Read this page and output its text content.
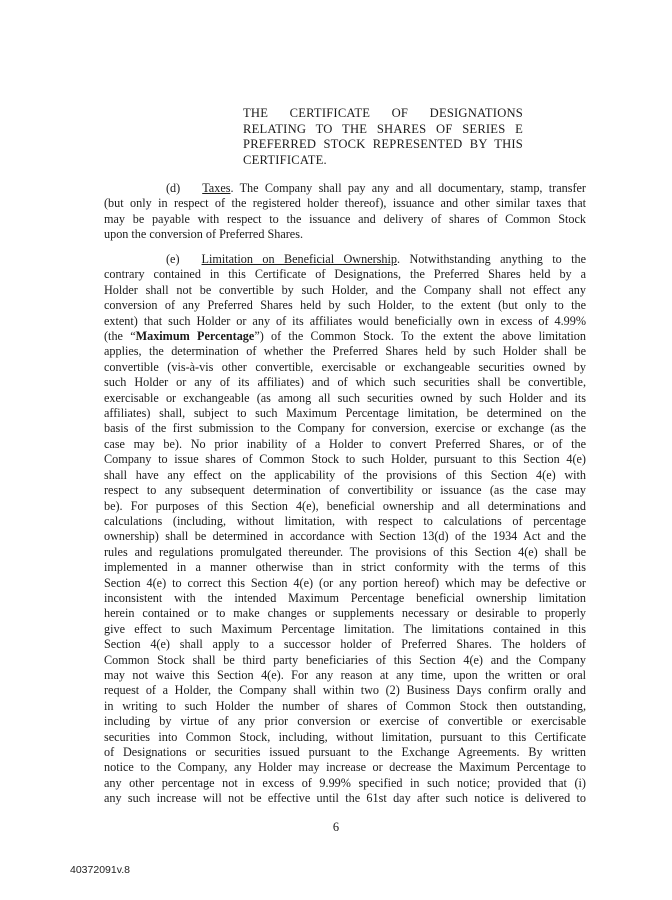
THE CERTIFICATE OF DESIGNATIONS
RELATING TO THE SHARES OF SERIES E
PREFERRED STOCK REPRESENTED BY THIS
CERTIFICATE.
(d) Taxes. The Company shall pay any and all documentary, stamp, transfer
(but only in respect of the registered holder thereof), issuance and other similar taxes that
may be payable with respect to the issuance and delivery of shares of Common Stock
upon the conversion of Preferred Shares.
(e) Limitation on Beneficial Ownership. Notwithstanding anything to the
contrary contained in this Certificate of Designations, the Preferred Shares held by a
Holder shall not be convertible by such Holder, and the Company shall not effect any
conversion of any Preferred Shares held by such Holder, to the extent (but only to the
extent) that such Holder or any of its affiliates would beneficially own in excess of 4.99%
(the “Maximum Percentage”) of the Common Stock. To the extent the above limitation
applies, the determination of whether the Preferred Shares held by such Holder shall be
convertible (vis-à-vis other convertible, exercisable or exchangeable securities owned by
such Holder or any of its affiliates) and of which such securities shall be convertible,
exercisable or exchangeable (as among all such securities owned by such Holder and its
affiliates) shall, subject to such Maximum Percentage limitation, be determined on the
basis of the first submission to the Company for conversion, exercise or exchange (as the
case may be). No prior inability of a Holder to convert Preferred Shares, or of the
Company to issue shares of Common Stock to such Holder, pursuant to this Section 4(e)
shall have any effect on the applicability of the provisions of this Section 4(e) with
respect to any subsequent determination of convertibility or issuance (as the case may
be). For purposes of this Section 4(e), beneficial ownership and all determinations and
calculations (including, without limitation, with respect to calculations of percentage
ownership) shall be determined in accordance with Section 13(d) of the 1934 Act and the
rules and regulations promulgated thereunder. The provisions of this Section 4(e) shall be
implemented in a manner otherwise than in strict conformity with the terms of this
Section 4(e) to correct this Section 4(e) (or any portion hereof) which may be defective or
inconsistent with the intended Maximum Percentage beneficial ownership limitation
herein contained or to make changes or supplements necessary or desirable to properly
give effect to such Maximum Percentage limitation. The limitations contained in this
Section 4(e) shall apply to a successor holder of Preferred Shares. The holders of
Common Stock shall be third party beneficiaries of this Section 4(e) and the Company
may not waive this Section 4(e). For any reason at any time, upon the written or oral
request of a Holder, the Company shall within two (2) Business Days confirm orally and
in writing to such Holder the number of shares of Common Stock then outstanding,
including by virtue of any prior conversion or exercise of convertible or exercisable
securities into Common Stock, including, without limitation, pursuant to this Certificate
of Designations or securities issued pursuant to the Exchange Agreements. By written
notice to the Company, any Holder may increase or decrease the Maximum Percentage to
any other percentage not in excess of 9.99% specified in such notice; provided that (i)
any such increase will not be effective until the 61st day after such notice is delivered to
6
40372091v.8
